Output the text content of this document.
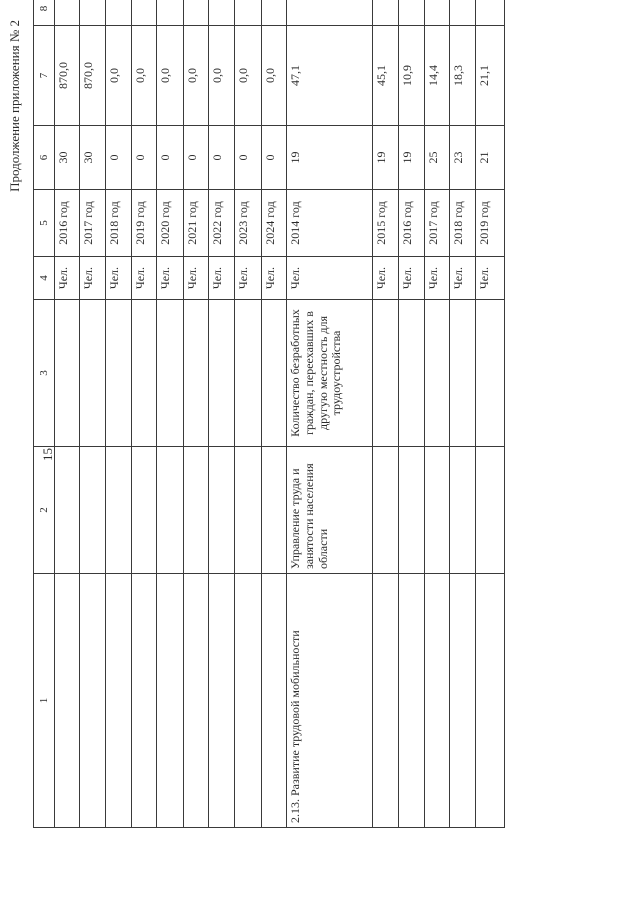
Продолжение приложения № 2
15
1	2	3	4	5	6	7	8			
			Чел.	2016 год	30	870,0				
			Чел.	2017 год	30	870,0				
			Чел.	2018 год	0	0,0				
			Чел.	2019 год	0	0,0				
			Чел.	2020 год	0	0,0				
			Чел.	2021 год	0	0,0				
			Чел.	2022 год	0	0,0				
			Чел.	2023 год	0	0,0				
			Чел.	2024 год	0	0,0				
2.13. Развитие трудовой мобильности	Управление труда и занятости населения области	Количество безработных граждан, переехавших в другую местность для трудоустройства	Чел.	2014 год	19	47,1				
			Чел.	2015 год	19	45,1				
			Чел.	2016 год	19	10,9				
			Чел.	2017 год	25	14,4				
			Чел.	2018 год	23	18,3				
			Чел.	2019 год	21	21,1				
